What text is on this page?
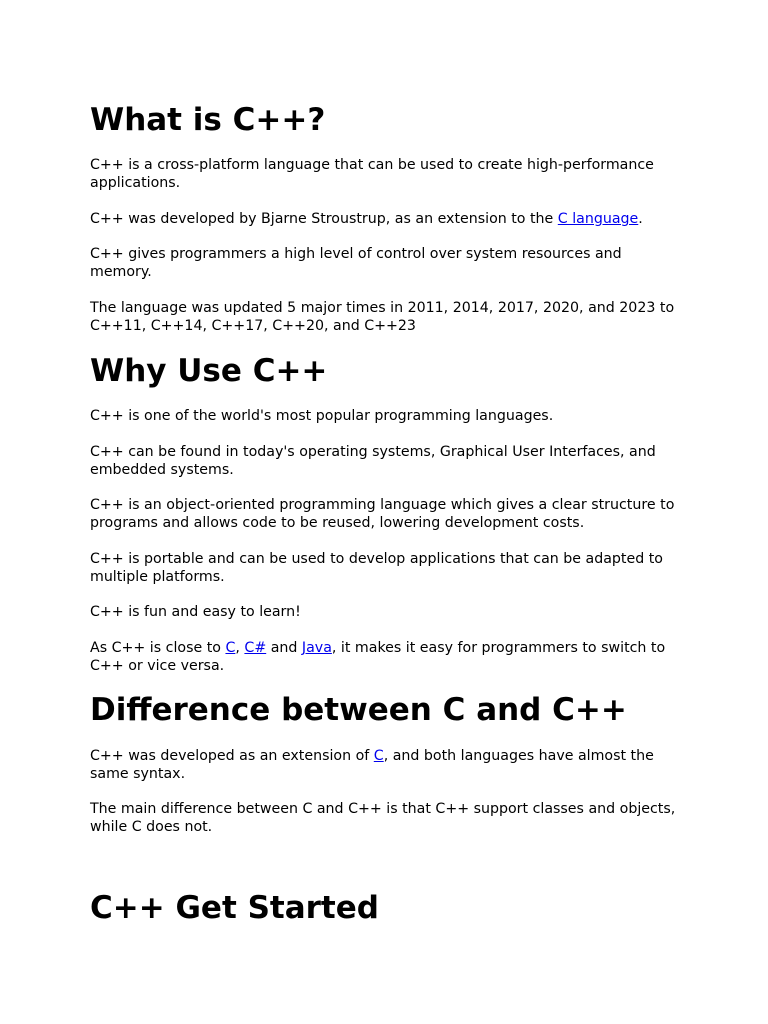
What is C++?

C++ is a cross-platform language that can be used to create high-performance applications.

C++ was developed by Bjarne Stroustrup, as an extension to the C language.

C++ gives programmers a high level of control over system resources and memory.

The language was updated 5 major times in 2011, 2014, 2017, 2020, and 2023 to C++11, C++14, C++17, C++20, and C++23

Why Use C++

C++ is one of the world's most popular programming languages.

C++ can be found in today's operating systems, Graphical User Interfaces, and embedded systems.

C++ is an object-oriented programming language which gives a clear structure to programs and allows code to be reused, lowering development costs.

C++ is portable and can be used to develop applications that can be adapted to multiple platforms.

C++ is fun and easy to learn!

As C++ is close to C, C# and Java, it makes it easy for programmers to switch to C++ or vice versa.

Difference between C and C++

C++ was developed as an extension of C, and both languages have almost the same syntax.

The main difference between C and C++ is that C++ support classes and objects, while C does not.

C++ Get Started
